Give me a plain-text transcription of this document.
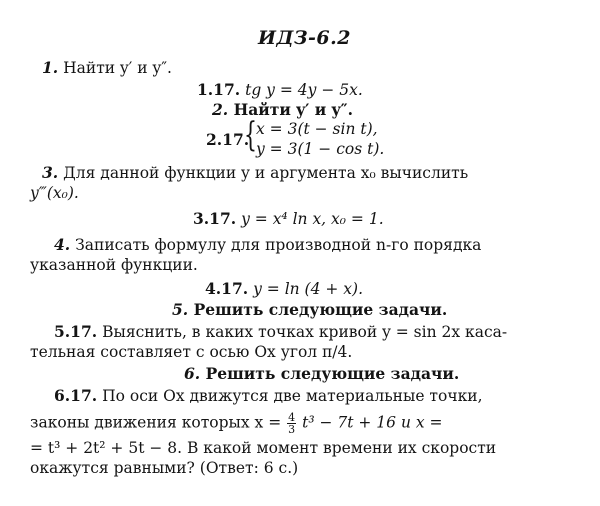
ИДЗ-6.2
1. Найти y′ и y″.
1.17. tg y = 4y − 5x.
2. Найти y′ и y″.
2.17.
{ x = 3(t − sin t),
y = 3(1 − cos t).
3. Для данной функции y и аргумента x₀ вычислить
y‴(x₀).
3.17. y = x⁴ ln x, x₀ = 1.
4. Записать формулу для производной n-го порядка
указанной функции.
4.17. y = ln (4 + x).
5. Решить следующие задачи.
5.17. Выяснить, в каких точках кривой y = sin 2x каса-
тельная составляет с осью Ox угол π/4.
6. Решить следующие задачи.
6.17. По оси Ox движутся две материальные точки,
законы движения которых $x = \frac{4}{3} t^3 - 7t + 16$ и x =
= t³ + 2t² + 5t − 8. В какой момент времени их скорости
окажутся равными? (Ответ: 6 с.)
